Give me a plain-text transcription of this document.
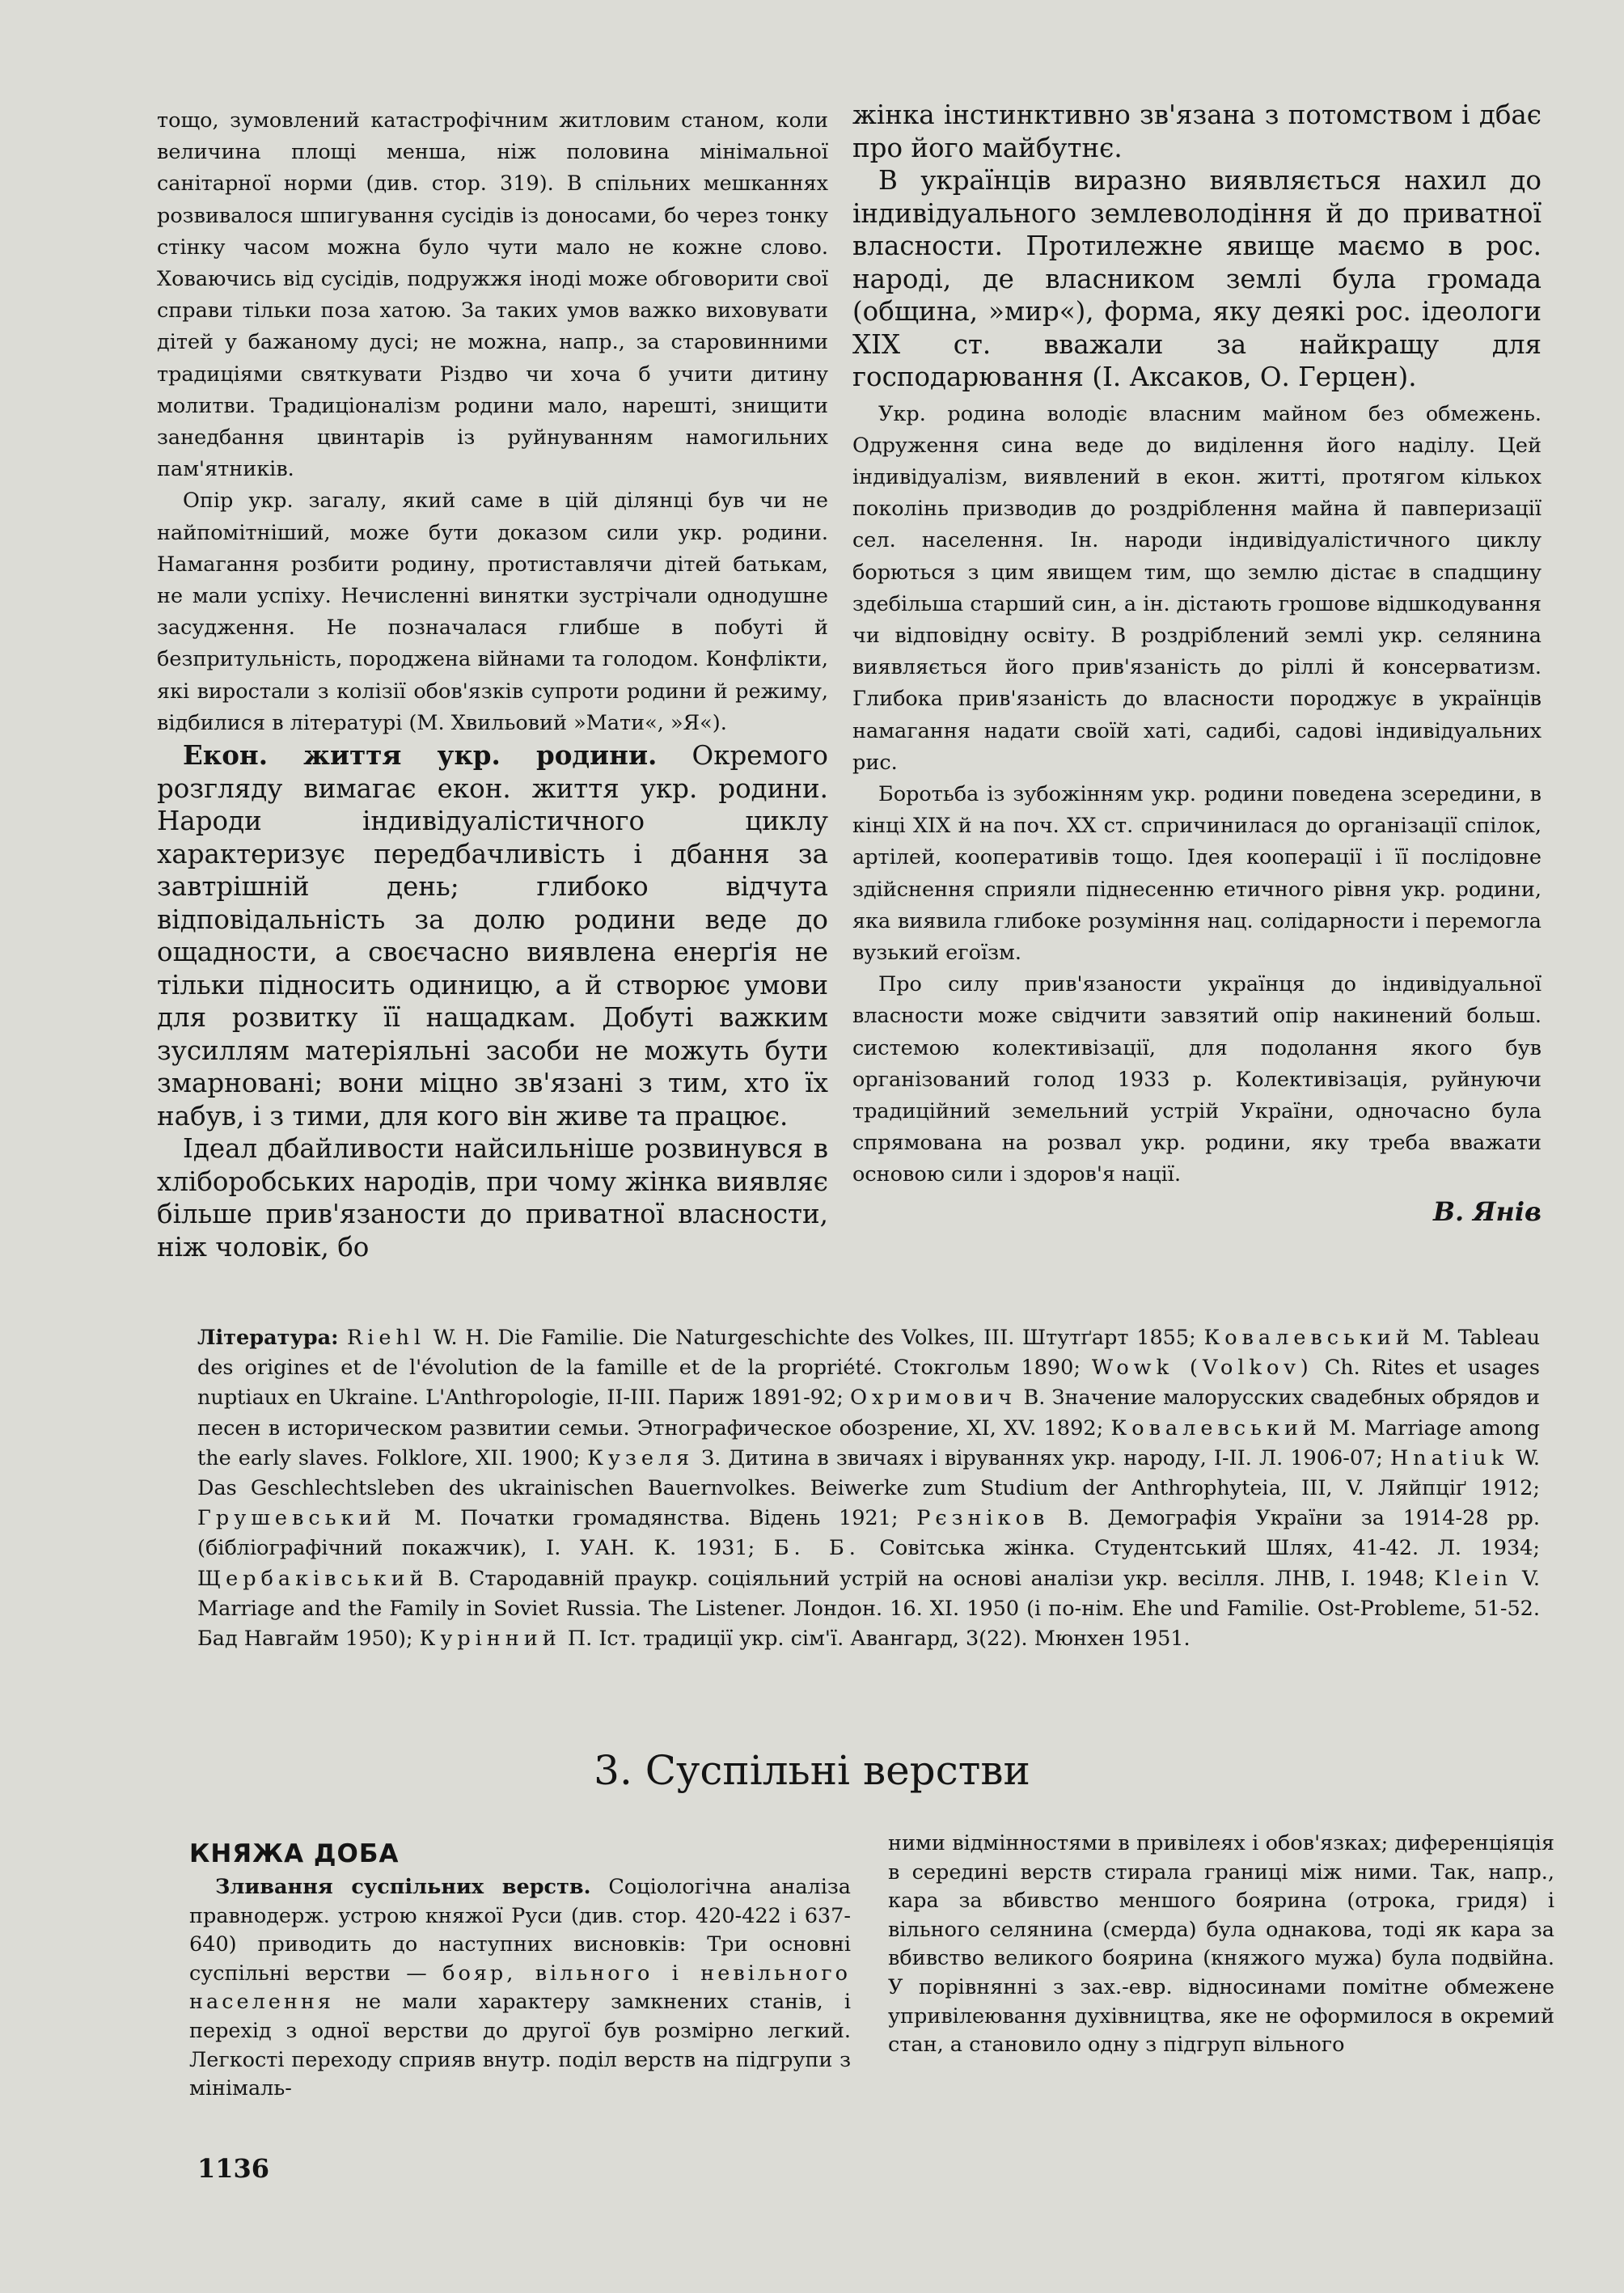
тощо, зумовлений катастрофічним житловим станом, коли величина площі менша, ніж половина мінімальної санітарної норми (див. стор. 319). В спільних мешканнях розвивалося шпигування сусідів із доносами, бо через тонку стінку часом можна було чути мало не кожне слово. Ховаючись від сусідів, подружжя іноді може обговорити свої справи тільки поза хатою. За таких умов важко виховувати дітей у бажаному дусі; не можна, напр., за старовинними традиціями святкувати Різдво чи хоча б учити дитину молитви. Традиціоналізм родини мало, нарешті, знищити занедбання цвинтарів із руйнуванням намогильних пам'ятників.

Опір укр. загалу, який саме в цій ділянці був чи не найпомітніший, може бути доказом сили укр. родини. Намагання розбити родину, протиставлячи дітей батькам, не мали успіху. Нечисленні винятки зустрічали однодушне засудження. Не позначалася глибше в побуті й безпритульність, породжена війнами та голодом. Конфлікти, які виростали з колізії обов'язків супроти родини й режиму, відбилися в літературі (М. Хвильовий »Мати«, »Я«).

Екон. життя укр. родини. Окремого розгляду вимагає екон. життя укр. родини. Народи індивідуалістичного циклу характеризує передбачливість і дбання за завтрішній день; глибоко відчута відповідальність за долю родини веде до ощадности, а своєчасно виявлена енерґія не тільки підносить одиницю, а й створює умови для розвитку її нащадкам. Добуті важким зусиллям матеріяльні засоби не можуть бути змарновані; вони міцно зв'язані з тим, хто їх набув, і з тими, для кого він живе та працює.

Ідеал дбайливости найсильніше розвинувся в хліборобських народів, при чому жінка виявляє більше прив'язаности до приватної власности, ніж чоловік, бо

жінка інстинктивно зв'язана з потомством і дбає про його майбутнє.

В українців виразно виявляється нахил до індивідуального землеволодіння й до приватної власности. Протилежне явище маємо в рос. народі, де власником землі була громада (община, »мир«), форма, яку деякі рос. ідеологи XIX ст. вважали за найкращу для господарювання (І. Аксаков, О. Герцен).

Укр. родина володіє власним майном без обмежень. Одруження сина веде до виділення його наділу. Цей індивідуалізм, виявлений в екон. житті, протягом кількох поколінь призводив до роздріблення майна й павперизації сел. населення. Ін. народи індивідуалістичного циклу борються з цим явищем тим, що землю дістає в спадщину здебільша старший син, а ін. дістають грошове відшкодування чи відповідну освіту. В роздріблений землі укр. селянина виявляється його прив'язаність до ріллі й консерватизм. Глибока прив'язаність до власности породжує в українців намагання надати своїй хаті, садибі, садові індивідуальних рис.

Боротьба із зубожінням укр. родини поведена зсередини, в кінці XIX й на поч. XX ст. спричинилася до організації спілок, артілей, кооперативів тощо. Ідея кооперації і її послідовне здійснення сприяли піднесенню етичного рівня укр. родини, яка виявила глибоке розуміння нац. солідарности і перемогла вузький егоїзм.

Про силу прив'язаности українця до індивідуальної власности може свідчити завзятий опір накинений больш. системою колективізації, для подолання якого був організований голод 1933 р. Колективізація, руйнуючи традиційний земельний устрій України, одночасно була спрямована на розвал укр. родини, яку треба вважати основою сили і здоров'я нації.

В. Янів

Література: Riehl W. H. Die Familie. Die Naturgeschichte des Volkes, III. Штутґарт 1855; Ковалевський M. Tableau des origines et de l'évolution de la famille et de la propriété. Стокгольм 1890; Wowk (Volkov) Ch. Rites et usages nuptiaux en Ukraine. L'Anthropologie, II-III. Париж 1891-92; Охримович В. Значение малорусских свадебных обрядов и песен в историческом развитии семьи. Этнографическое обозрение, XI, XV. 1892; Ковалевський М. Marriage among the early slaves. Folklore, XII. 1900; Кузеля З. Дитина в звичаях і віруваннях укр. народу, I-II. Л. 1906-07; Hnatiuk W. Das Geschlechtsleben des ukrainischen Bauernvolkes. Beiwerke zum Studium der Anthrophyteia, III, V. Ляйпціґ 1912; Грушевський М. Початки громадянства. Відень 1921; Рєзніков В. Демографія України за 1914-28 рр. (бібліографічний покажчик), І. УАН. К. 1931; Б. Б. Совітська жінка. Студентський Шлях, 41-42. Л. 1934; Щербаківський В. Стародавній праукр. соціяльний устрій на основі аналізи укр. весілля. ЛНВ, І. 1948; Klein V. Marriage and the Family in Soviet Russia. The Listener. Лондон. 16. XI. 1950 (і по-нім. Ehe und Familie. Ost-Probleme, 51-52. Бад Навгайм 1950); Курінний П. Іст. традиції укр. сім'ї. Авангард, 3(22). Мюнхен 1951.

3. Суспільні верстви
КНЯЖА ДОБА

Зливання суспільних верств. Соціологічна аналіза правнодерж. устрою княжої Руси (див. стор. 420-422 і 637-640) приводить до наступних висновків: Три основні суспільні верстви — бояр, вільного і невільного населення не мали характеру замкнених станів, і перехід з одної верстви до другої був розмірно легкий. Легкості переходу сприяв внутр. поділ верств на підгрупи з мінімаль-

ними відмінностями в привілеях і обов'язках; диференціяція в середині верств стирала границі між ними. Так, напр., кара за вбивство меншого боярина (отрока, гридя) і вільного селянина (смерда) була однакова, тоді як кара за вбивство великого боярина (княжого мужа) була подвійна. У порівнянні з зах.-евр. відносинами помітне обмежене упривілеювання духівництва, яке не оформилося в окремий стан, а становило одну з підгруп вільного

1136
